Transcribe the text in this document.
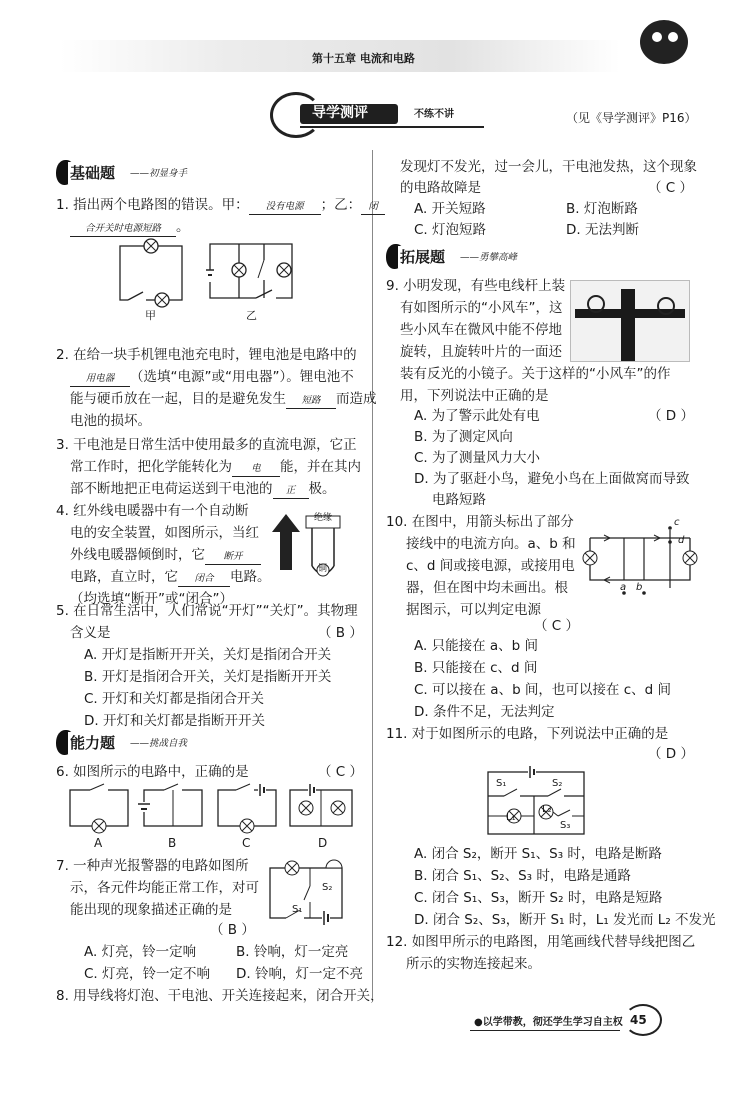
第十五章 电流和电路
导学测评	不练不讲	（见《导学测评》P16）
基础题 ——初显身手
1. 指出两个电路图的错误。甲： 没有电源 ；乙： 闭
合开关时电源短路 。
甲	乙
2. 在给一块手机锂电池充电时，锂电池是电路中的
用电器 （选填“电源”或“用电器”）。锂电池不
能与硬币放在一起，目的是避免发生 短路 而造成
电池的损坏。
3. 干电池是日常生活中使用最多的直流电源，它正
常工作时，把化学能转化为 电 能，并在其内
部不断地把正电荷运送到干电池的 正 极。
4. 红外线电暖器中有一个自动断
电的安全装置，如图所示，当红
外线电暖器倾倒时，它 断开
电路，直立时，它 闭合 电路。
（均选填“断开”或“闭合”）
绝缘
铜
5. 在日常生活中，人们常说“开灯”“关灯”。其物理
含义是	（ B ）
A. 开灯是指断开开关，关灯是指闭合开关
B. 开灯是指闭合开关，关灯是指断开开关
C. 开灯和关灯都是指闭合开关
D. 开灯和关灯都是指断开开关
能力题 ——挑战自我
6. 如图所示的电路中，正确的是	（ C ）
A	B	C	D
7. 一种声光报警器的电路如图所
示，各元件均能正常工作，对可
能出现的现象描述正确的是
（ B ）
S₂
S₁
A. 灯亮，铃一定响	B. 铃响，灯一定亮
C. 灯亮，铃一定不响 D. 铃响，灯一定不亮
8. 用导线将灯泡、干电池、开关连接起来，闭合开关，
发现灯不发光，过一会儿，干电池发热，这个现象
的电路故障是	（ C ）
A. 开关短路	B. 灯泡断路
C. 灯泡短路	D. 无法判断
拓展题 ——勇攀高峰
9. 小明发现，有些电线杆上装
有如图所示的“小风车”，这
些小风车在微风中能不停地
旋转，且旋转叶片的一面还
装有反光的小镜子。关于这样的“小风车”的作
用，下列说法中正确的是
（ D ）
A. 为了警示此处有电
B. 为了测定风向
C. 为了测量风力大小
D. 为了驱赶小鸟，避免小鸟在上面做窝而导致
电路短路
10. 在图中，用箭头标出了部分
接线中的电流方向。a、b 和
c、d 间或接电源，或接用电
器，但在图中均未画出。根
据图示，可以判定电源
（ C ）
c
d
a b
A. 只能接在 a、b 间
B. 只能接在 c、d 间
C. 可以接在 a、b 间，也可以接在 c、d 间
D. 条件不足，无法判定
11. 对于如图所示的电路，下列说法中正确的是
（ D ）
S₁	S₂
L₁
L₂
S₃
A. 闭合 S₂，断开 S₁、S₃ 时，电路是断路
B. 闭合 S₁、S₂、S₃ 时，电路是通路
C. 闭合 S₁、S₃，断开 S₂ 时，电路是短路
D. 闭合 S₂、S₃，断开 S₁ 时，L₁ 发光而 L₂ 不发光
12. 如图甲所示的电路图，用笔画线代替导线把图乙
所示的实物连接起来。
●以学带教，彻还学生学习自主权 45
